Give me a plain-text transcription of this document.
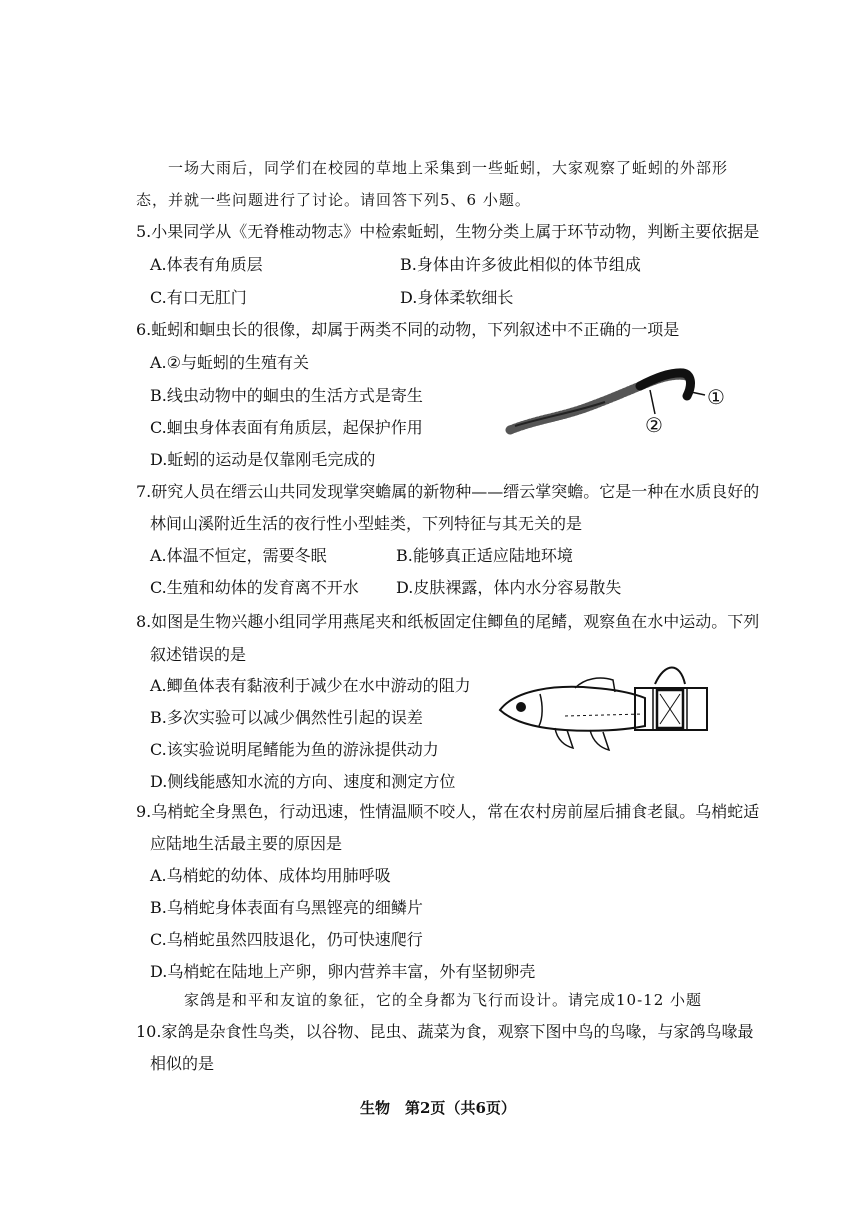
一场大雨后，同学们在校园的草地上采集到一些蚯蚓，大家观察了蚯蚓的外部形
态，并就一些问题进行了讨论。请回答下列5、6 小题。
5.小果同学从《无脊椎动物志》中检索蚯蚓，生物分类上属于环节动物，判断主要依据是
A.体表有角质层	B.身体由许多彼此相似的体节组成
C.有口无肛门	D.身体柔软细长
6.蚯蚓和蛔虫长的很像，却属于两类不同的动物，下列叙述中不正确的一项是
A.②与蚯蚓的生殖有关
B.线虫动物中的蛔虫的生活方式是寄生
C.蛔虫身体表面有角质层，起保护作用
D.蚯蚓的运动是仅靠刚毛完成的
①
②
7.研究人员在缙云山共同发现掌突蟾属的新物种——缙云掌突蟾。它是一种在水质良好的
林间山溪附近生活的夜行性小型蛙类，下列特征与其无关的是
A.体温不恒定，需要冬眠	B.能够真正适应陆地环境
C.生殖和幼体的发育离不开水 D.皮肤裸露，体内水分容易散失
8.如图是生物兴趣小组同学用燕尾夹和纸板固定住鲫鱼的尾鳍，观察鱼在水中运动。下列
叙述错误的是
A.鲫鱼体表有黏液利于减少在水中游动的阻力
B.多次实验可以减少偶然性引起的误差
C.该实验说明尾鳍能为鱼的游泳提供动力
D.侧线能感知水流的方向、速度和测定方位
9.乌梢蛇全身黑色，行动迅速，性情温顺不咬人，常在农村房前屋后捕食老鼠。乌梢蛇适
应陆地生活最主要的原因是
A.乌梢蛇的幼体、成体均用肺呼吸
B.乌梢蛇身体表面有乌黑铿亮的细鳞片
C.乌梢蛇虽然四肢退化，仍可快速爬行
D.乌梢蛇在陆地上产卵，卵内营养丰富，外有坚韧卵壳
家鸽是和平和友谊的象征，它的全身都为飞行而设计。请完成10-12 小题
10.家鸽是杂食性鸟类，以谷物、昆虫、蔬菜为食，观察下图中鸟的鸟喙，与家鸽鸟喙最
相似的是
生物　第2页（共6页）
